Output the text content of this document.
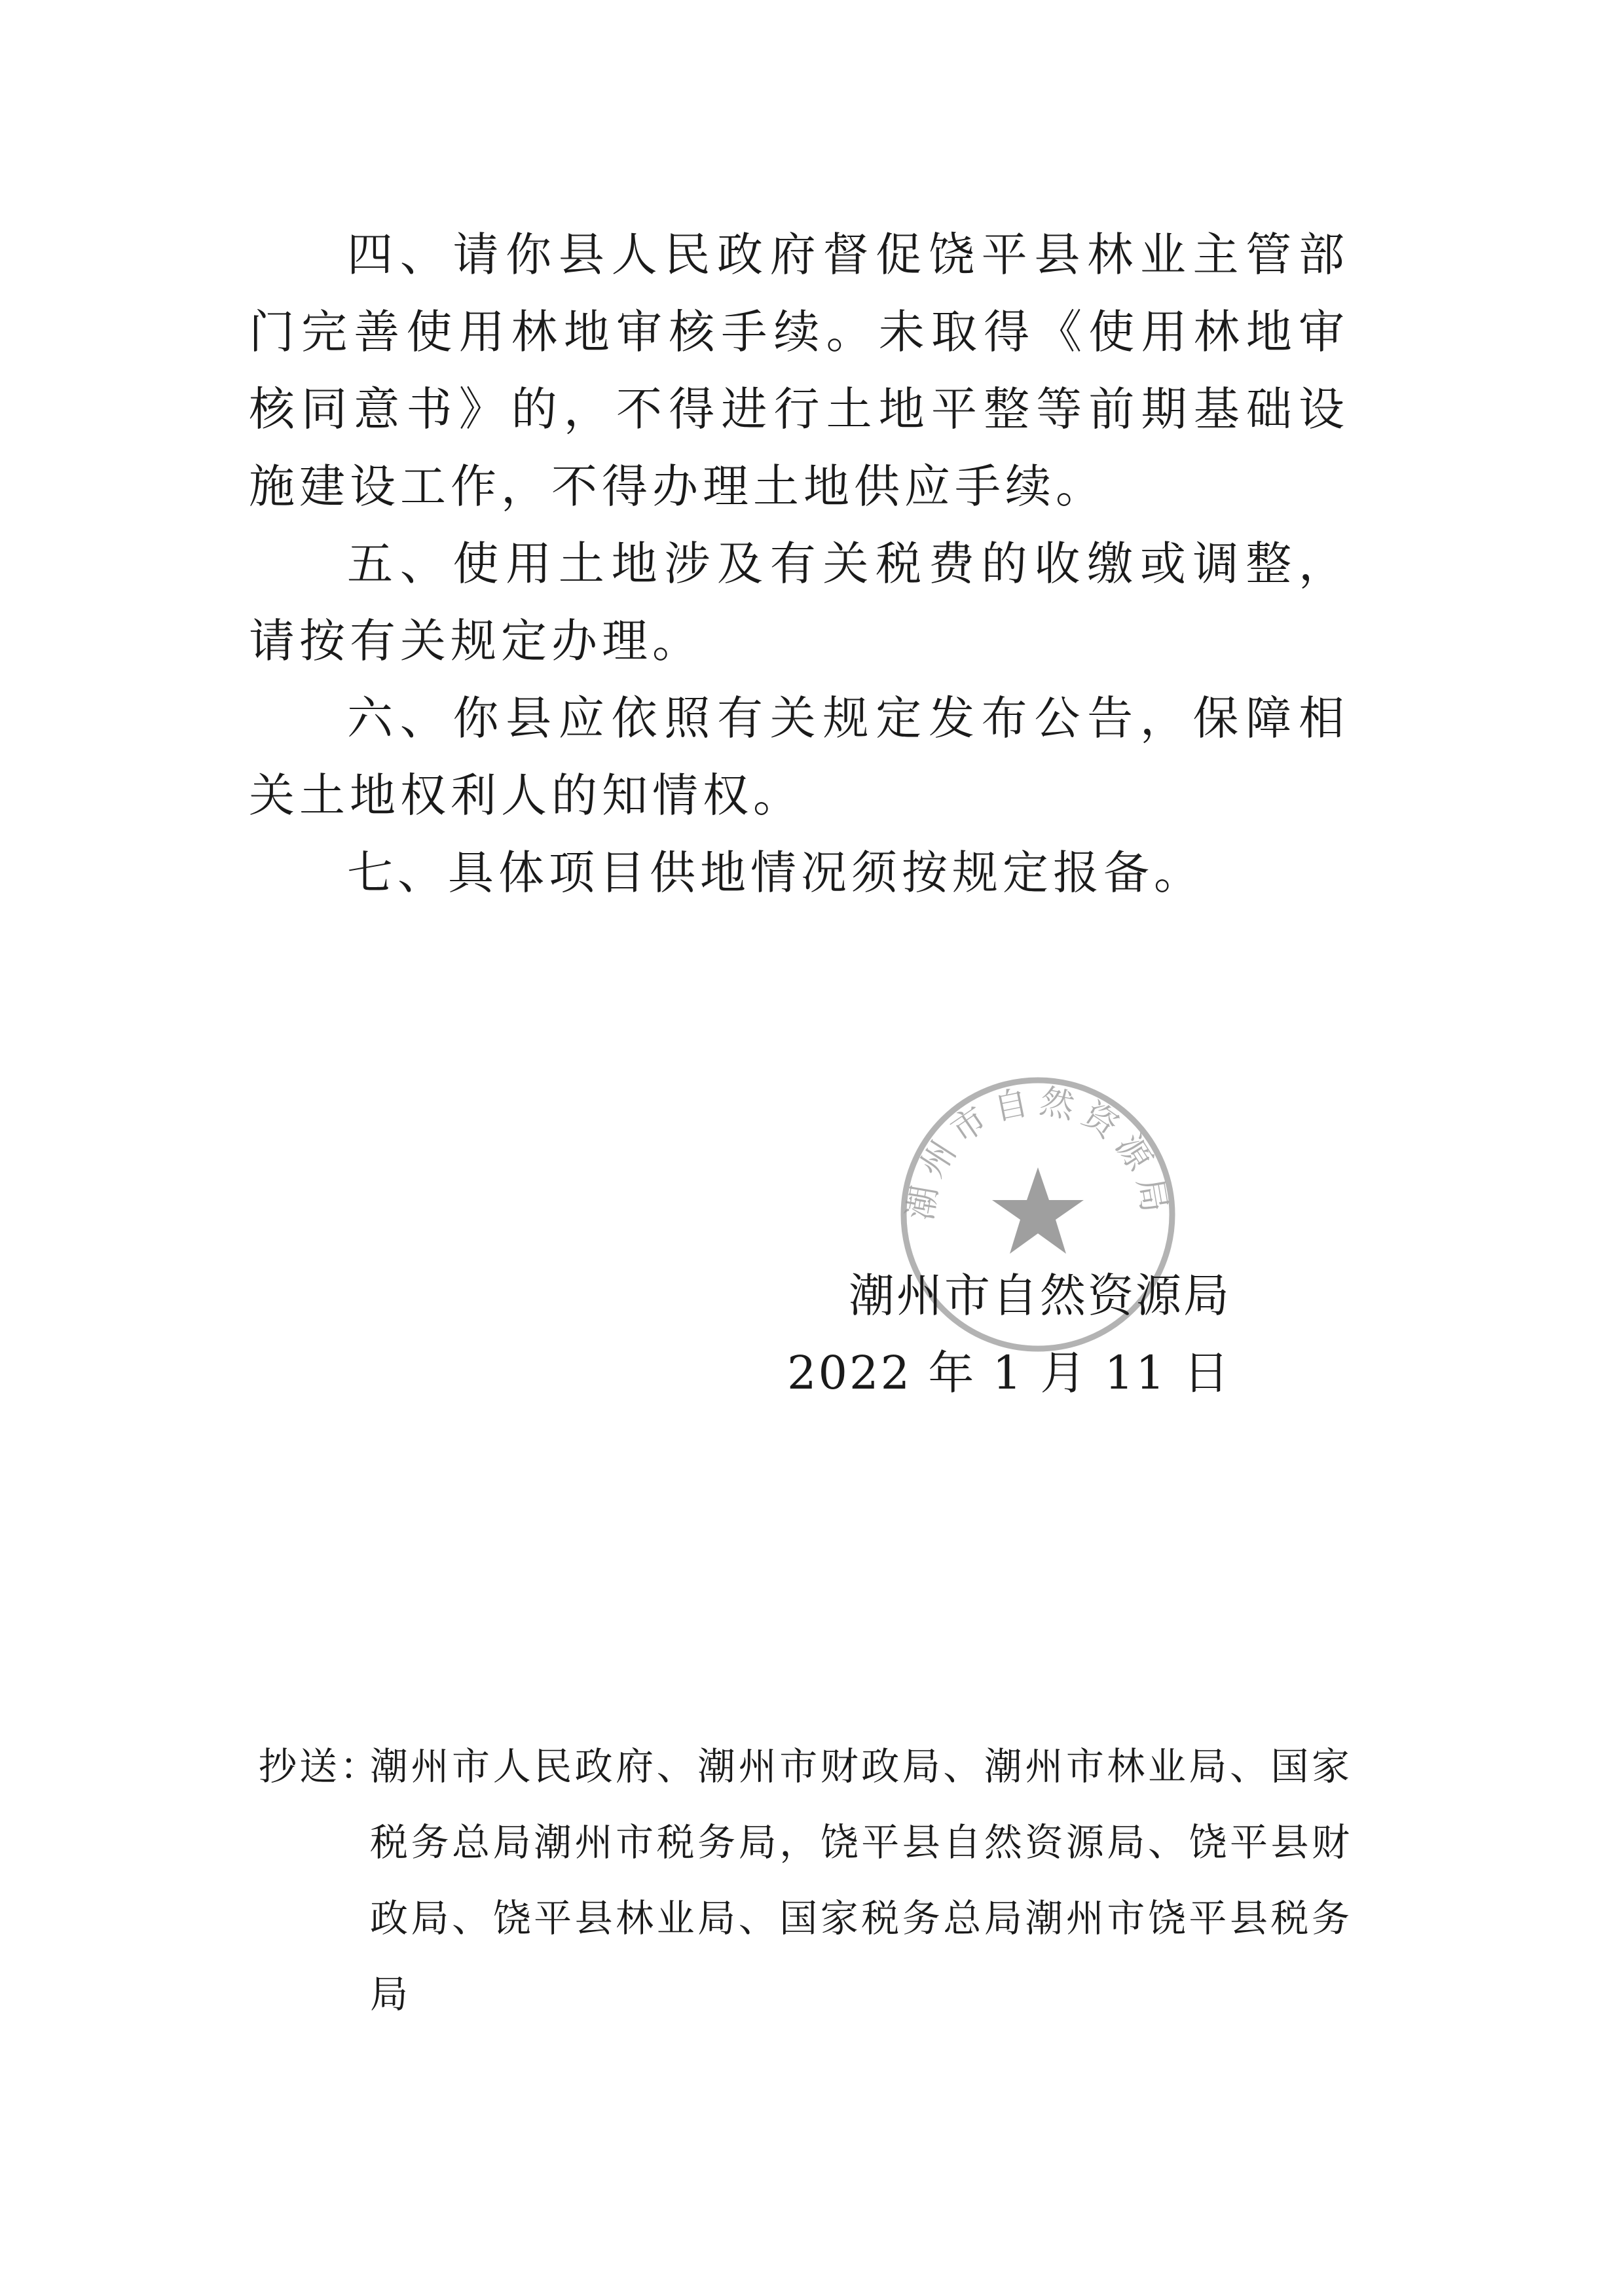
四、请你县人民政府督促饶平县林业主管部门完善使用林地审核手续。未取得《使用林地审核同意书》的，不得进行土地平整等前期基础设施建设工作，不得办理土地供应手续。

五、使用土地涉及有关税费的收缴或调整，请按有关规定办理。

六、你县应依照有关规定发布公告，保障相关土地权利人的知情权。

七、具体项目供地情况须按规定报备。

潮州市自然资源局
潮州市自然资源局
2022 年 1 月 11 日
抄送：
潮州市人民政府、潮州市财政局、潮州市林业局、国家税务总局潮州市税务局，饶平县自然资源局、饶平县财政局、饶平县林业局、国家税务总局潮州市饶平县税务局
